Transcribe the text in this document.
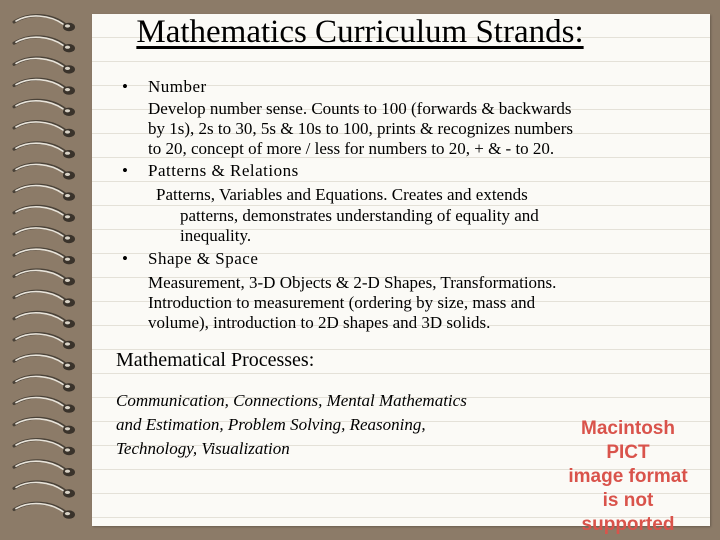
Mathematics Curriculum Strands:
• Number
Develop number sense. Counts to 100 (forwards & backwards
by 1s), 2s to 30, 5s & 10s to 100, prints & recognizes numbers
to 20, concept of more / less for numbers to 20, + & - to 20.
• Patterns & Relations
Patterns, Variables and Equations. Creates and extends
patterns, demonstrates understanding of equality and
inequality.
• Shape & Space
Measurement, 3-D Objects & 2-D Shapes, Transformations.
Introduction to measurement (ordering by size, mass and
volume), introduction to 2D shapes and 3D solids.
Mathematical Processes:
Communication, Connections, Mental Mathematics
and Estimation, Problem Solving, Reasoning,
Technology, Visualization
Macintosh PICT
image format
is not supported
